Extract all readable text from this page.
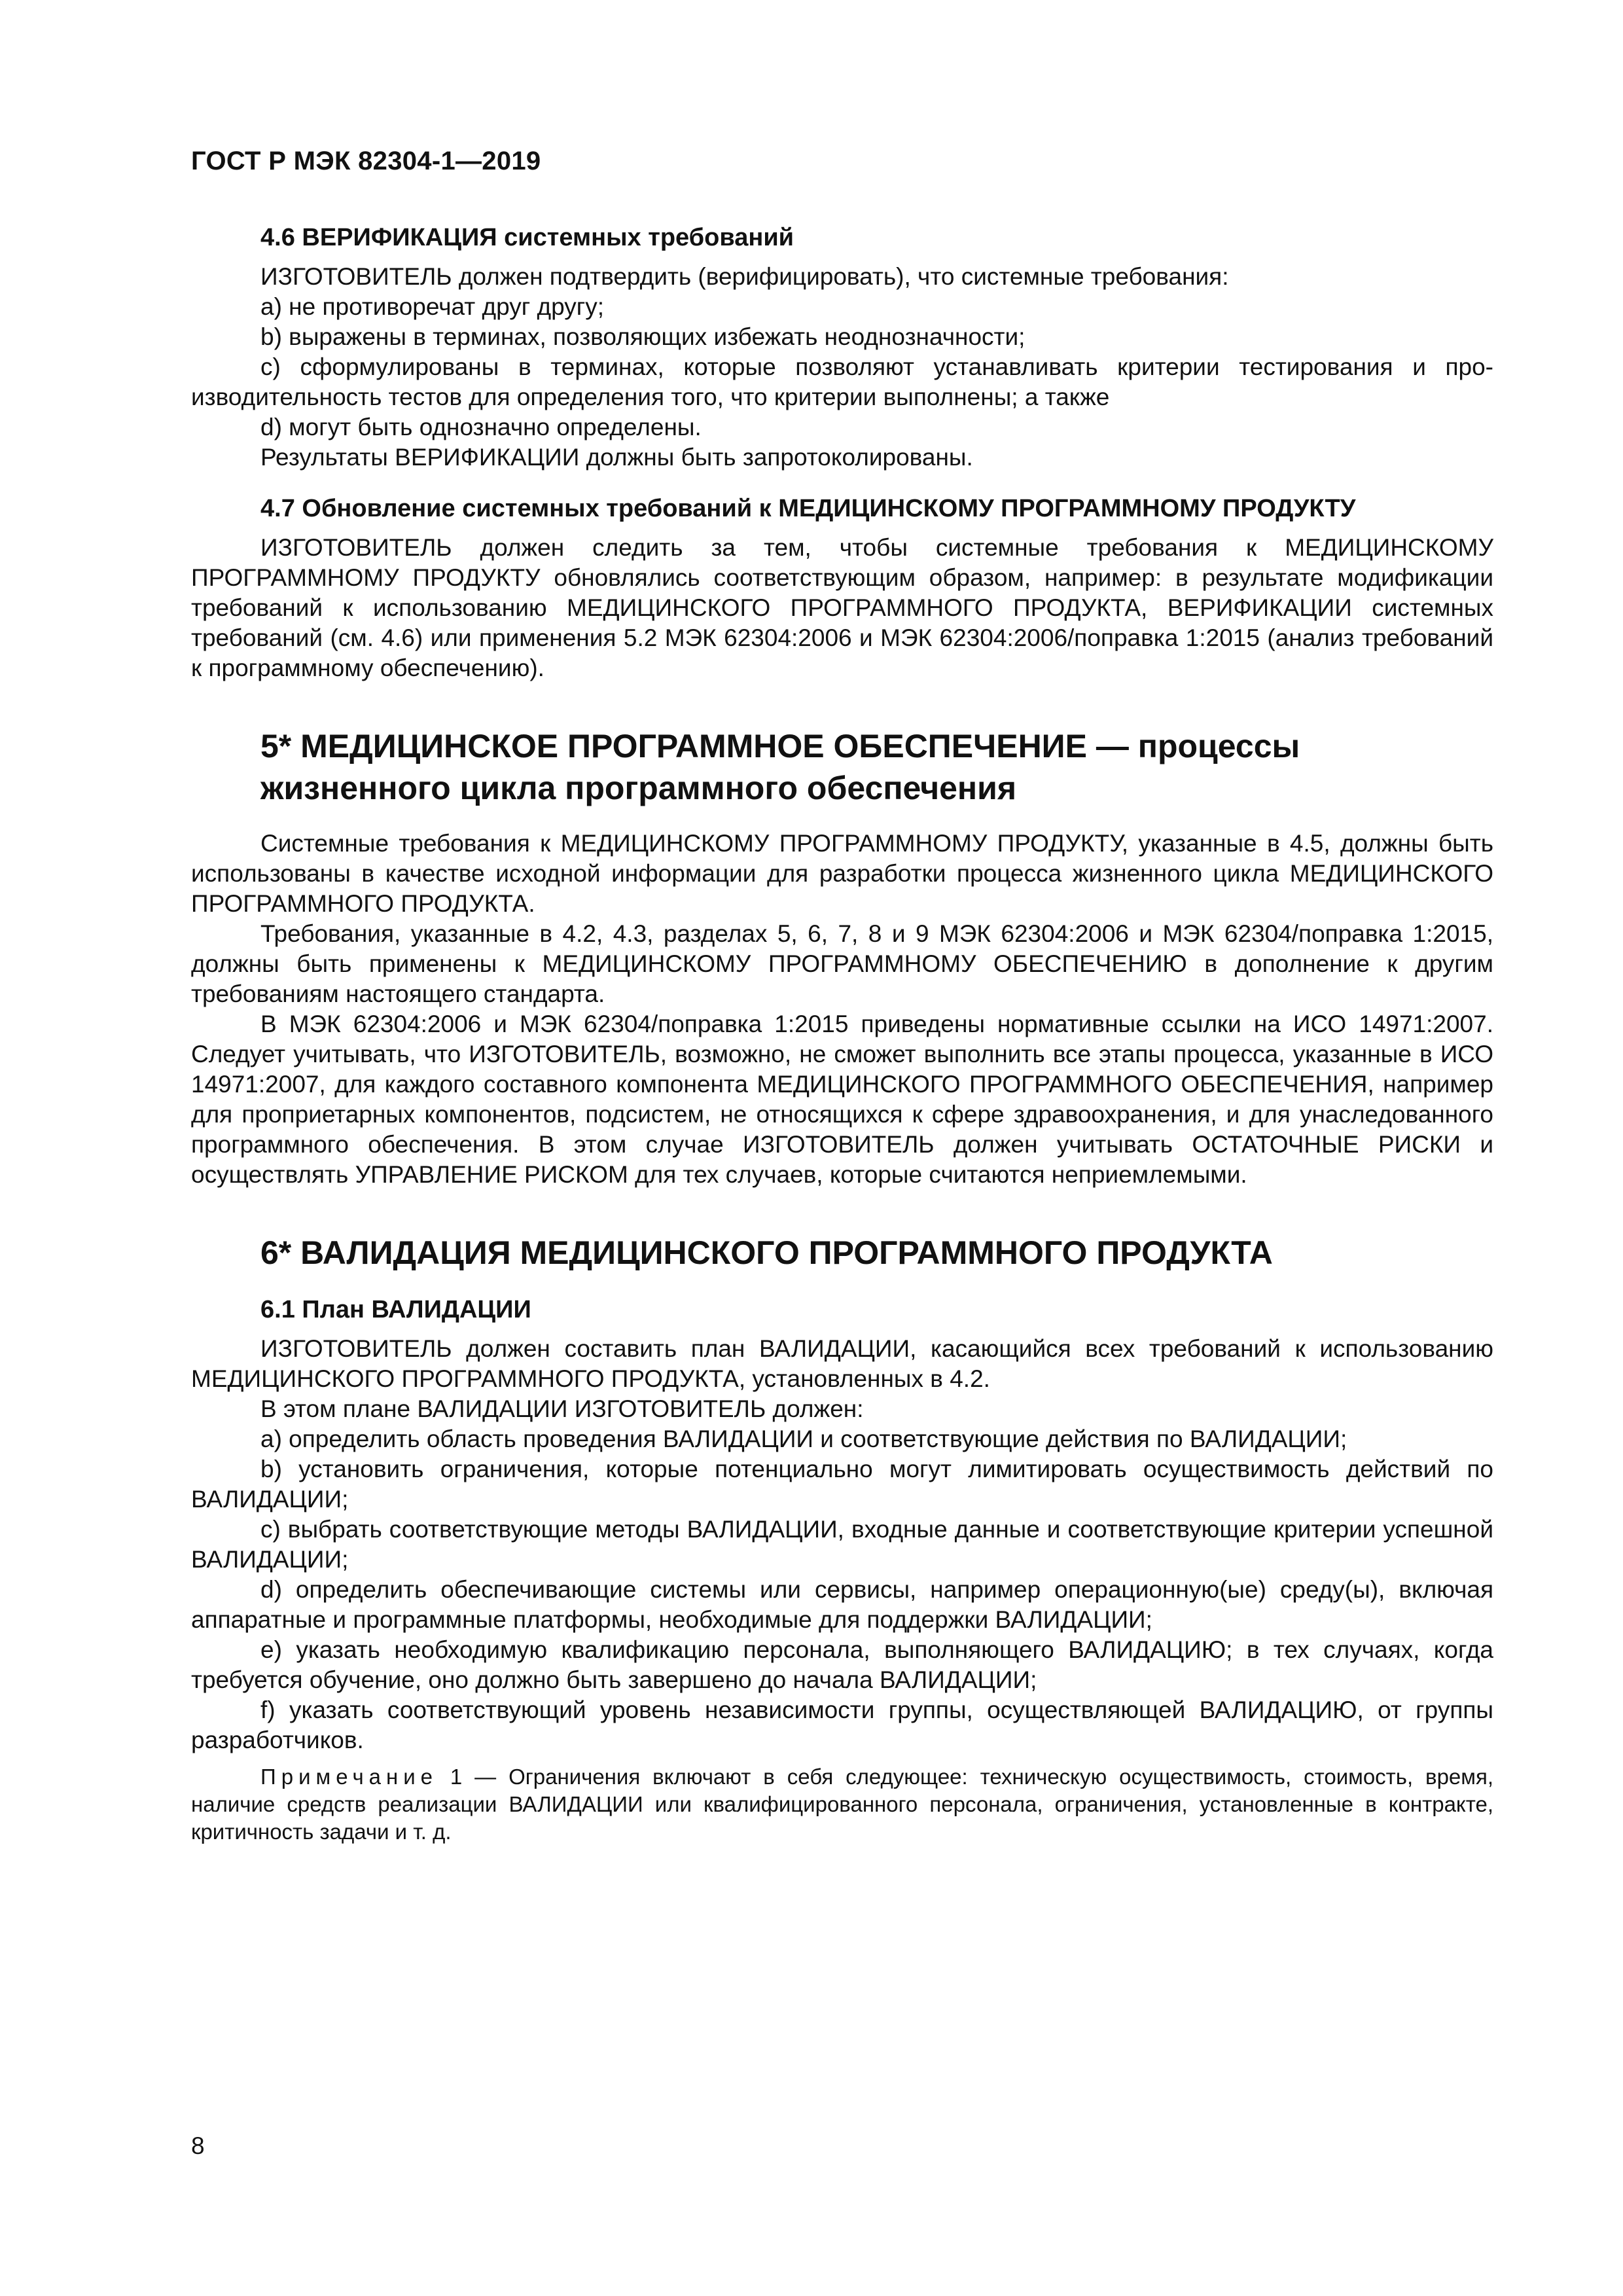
ГОСТ Р МЭК 82304-1—2019

4.6 ВЕРИФИКАЦИЯ системных требований

ИЗГОТОВИТЕЛЬ должен подтвердить (верифицировать), что системные требования:

a) не противоречат друг другу;

b) выражены в терминах, позволяющих избежать неоднозначности;

c) сформулированы в терминах, которые позволяют устанавливать критерии тестирования и производительность тестов для определения того, что критерии выполнены; а также

d) могут быть однозначно определены.

Результаты ВЕРИФИКАЦИИ должны быть запротоколированы.

4.7 Обновление системных требований к МЕДИЦИНСКОМУ ПРОГРАММНОМУ ПРОДУКТУ

ИЗГОТОВИТЕЛЬ должен следить за тем, чтобы системные требования к МЕДИЦИНСКОМУ ПРОГРАММНОМУ ПРОДУКТУ обновлялись соответствующим образом, например: в результате модификации требований к использованию МЕДИЦИНСКОГО ПРОГРАММНОГО ПРОДУКТА, ВЕРИФИКАЦИИ системных требований (см. 4.6) или применения 5.2 МЭК 62304:2006 и МЭК 62304:2006/поправка 1:2015 (анализ требований к программному обеспечению).

5* МЕДИЦИНСКОЕ ПРОГРАММНОЕ ОБЕСПЕЧЕНИЕ — процессы жизненного цикла программного обеспечения

Системные требования к МЕДИЦИНСКОМУ ПРОГРАММНОМУ ПРОДУКТУ, указанные в 4.5, должны быть использованы в качестве исходной информации для разработки процесса жизненного цикла МЕДИЦИНСКОГО ПРОГРАММНОГО ПРОДУКТА.

Требования, указанные в 4.2, 4.3, разделах 5, 6, 7, 8 и 9 МЭК 62304:2006 и МЭК 62304/поправка 1:2015, должны быть применены к МЕДИЦИНСКОМУ ПРОГРАММНОМУ ОБЕСПЕЧЕНИЮ в дополнение к другим требованиям настоящего стандарта.

В МЭК 62304:2006 и МЭК 62304/поправка 1:2015 приведены нормативные ссылки на ИСО 14971:2007. Следует учитывать, что ИЗГОТОВИТЕЛЬ, возможно, не сможет выполнить все этапы процесса, указанные в ИСО 14971:2007, для каждого составного компонента МЕДИЦИНСКОГО ПРОГРАММНОГО ОБЕСПЕЧЕНИЯ, например для проприетарных компонентов, подсистем, не относящихся к сфере здравоохранения, и для унаследованного программного обеспечения. В этом случае ИЗГОТОВИТЕЛЬ должен учитывать ОСТАТОЧНЫЕ РИСКИ и осуществлять УПРАВЛЕНИЕ РИСКОМ для тех случаев, которые считаются неприемлемыми.

6* ВАЛИДАЦИЯ МЕДИЦИНСКОГО ПРОГРАММНОГО ПРОДУКТА

6.1 План ВАЛИДАЦИИ

ИЗГОТОВИТЕЛЬ должен составить план ВАЛИДАЦИИ, касающийся всех требований к использованию МЕДИЦИНСКОГО ПРОГРАММНОГО ПРОДУКТА, установленных в 4.2.

В этом плане ВАЛИДАЦИИ ИЗГОТОВИТЕЛЬ должен:

a) определить область проведения ВАЛИДАЦИИ и соответствующие действия по ВАЛИДАЦИИ;

b) установить ограничения, которые потенциально могут лимитировать осуществимость действий по ВАЛИДАЦИИ;

c) выбрать соответствующие методы ВАЛИДАЦИИ, входные данные и соответствующие критерии успешной ВАЛИДАЦИИ;

d) определить обеспечивающие системы или сервисы, например операционную(ые) среду(ы), включая аппаратные и программные платформы, необходимые для поддержки ВАЛИДАЦИИ;

e) указать необходимую квалификацию персонала, выполняющего ВАЛИДАЦИЮ; в тех случаях, когда требуется обучение, оно должно быть завершено до начала ВАЛИДАЦИИ;

f) указать соответствующий уровень независимости группы, осуществляющей ВАЛИДАЦИЮ, от группы разработчиков.

Примечание 1 — Ограничения включают в себя следующее: техническую осуществимость, стоимость, время, наличие средств реализации ВАЛИДАЦИИ или квалифицированного персонала, ограничения, установленные в контракте, критичность задачи и т. д.

8
